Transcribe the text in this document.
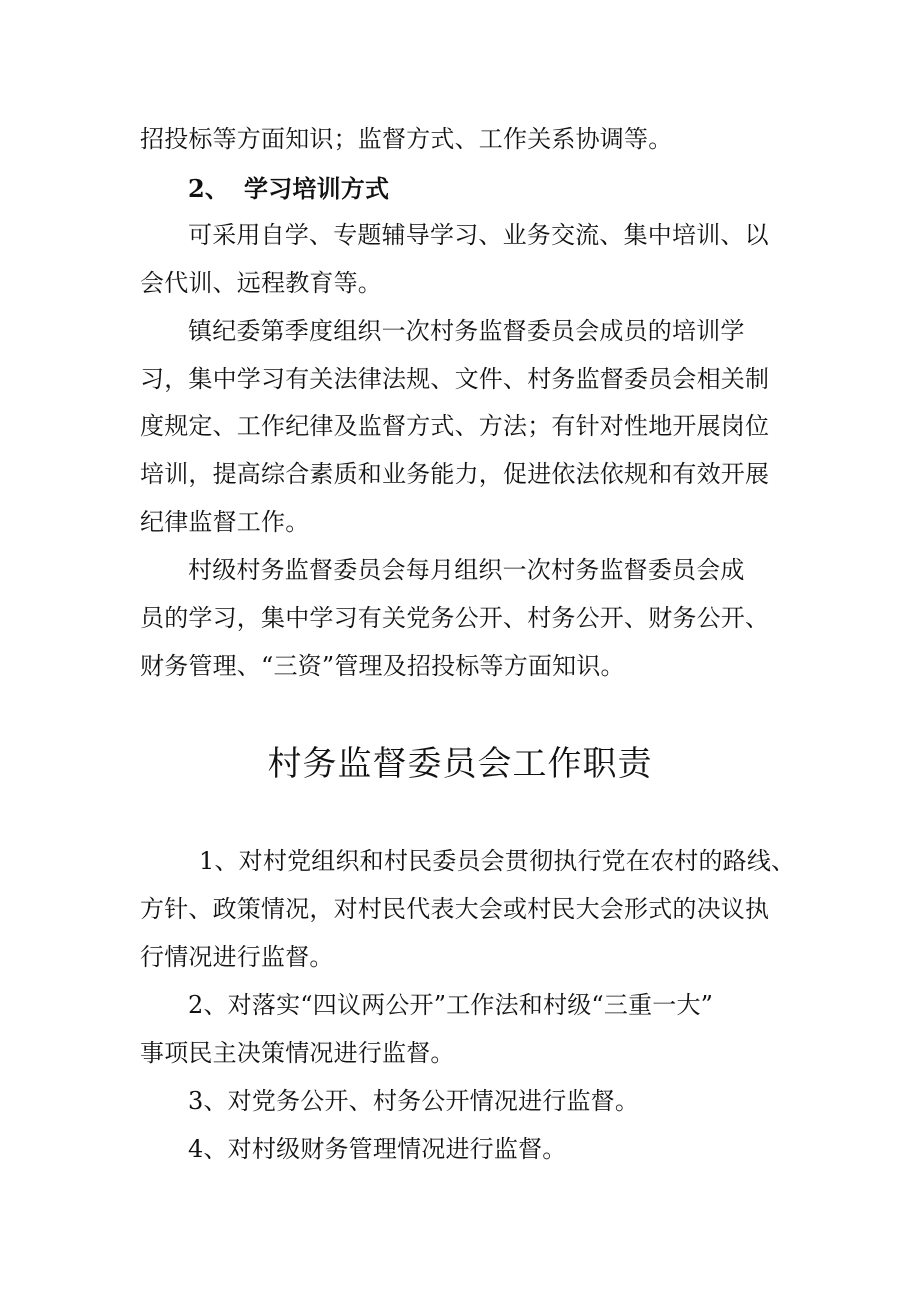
招投标等方面知识；监督方式、工作关系协调等。
2、 学习培训方式
可采用自学、专题辅导学习、业务交流、集中培训、以
会代训、远程教育等。
镇纪委第季度组织一次村务监督委员会成员的培训学
习，集中学习有关法律法规、文件、村务监督委员会相关制
度规定、工作纪律及监督方式、方法；有针对性地开展岗位
培训，提高综合素质和业务能力，促进依法依规和有效开展
纪律监督工作。
村级村务监督委员会每月组织一次村务监督委员会成
员的学习，集中学习有关党务公开、村务公开、财务公开、
财务管理、“三资”管理及招投标等方面知识。
村务监督委员会工作职责
1、对村党组织和村民委员会贯彻执行党在农村的路线、
方针、政策情况，对村民代表大会或村民大会形式的决议执
行情况进行监督。
2、对落实“四议两公开”工作法和村级“三重一大”
事项民主决策情况进行监督。
3、对党务公开、村务公开情况进行监督。
4、对村级财务管理情况进行监督。
